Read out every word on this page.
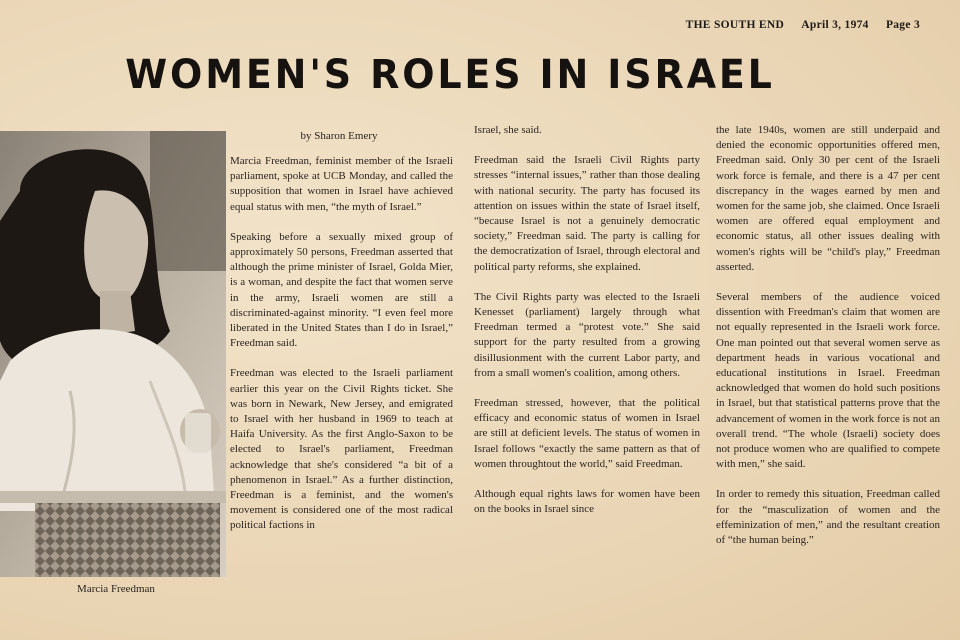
THE SOUTH END April 3, 1974 Page 3
WOMEN'S ROLES IN ISRAEL
Marcia Freedman
by Sharon Emery

Marcia Freedman, feminist member of the Israeli parliament, spoke at UCB Monday, and called the supposition that women in Israel have achieved equal status with men, “the myth of Israel.”

Speaking before a sexually mixed group of approximately 50 persons, Freedman asserted that although the prime minister of Israel, Golda Mier, is a woman, and despite the fact that women serve in the army, Israeli women are still a discriminated-against minority. “I even feel more liberated in the United States than I do in Israel,” Freedman said.

Freedman was elected to the Israeli parliament earlier this year on the Civil Rights ticket. She was born in Newark, New Jersey, and emigrated to Israel with her husband in 1969 to teach at Haifa University. As the first Anglo-Saxon to be elected to Israel's parliament, Freedman acknowledge that she's considered “a bit of a phenomenon in Israel.” As a further distinction, Freedman is a feminist, and the women's movement is considered one of the most radical political factions in

Israel, she said.

Freedman said the Israeli Civil Rights party stresses “internal issues,” rather than those dealing with national security. The party has focused its attention on issues within the state of Israel itself, “because Israel is not a genuinely democratic society,” Freedman said. The party is calling for the democratization of Israel, through electoral and political party reforms, she explained.

The Civil Rights party was elected to the Israeli Kenesset (parliament) largely through what Freedman termed a “protest vote.” She said support for the party resulted from a growing disillusionment with the current Labor party, and from a small women's coalition, among others.

Freedman stressed, however, that the political efficacy and economic status of women in Israel are still at deficient levels. The status of women in Israel follows “exactly the same pattern as that of women throughtout the world,” said Freedman.

Although equal rights laws for women have been on the books in Israel since

the late 1940s, women are still underpaid and denied the economic opportunities offered men, Freedman said. Only 30 per cent of the Israeli work force is female, and there is a 47 per cent discrepancy in the wages earned by men and women for the same job, she claimed. Once Israeli women are offered equal employment and economic status, all other issues dealing with women's rights will be “child's play,” Freedman asserted.

Several members of the audience voiced dissention with Freedman's claim that women are not equally represented in the Israeli work force. One man pointed out that several women serve as department heads in various vocational and educational institutions in Israel. Freedman acknowledged that women do hold such positions in Israel, but that statistical patterns prove that the advancement of women in the work force is not an overall trend. “The whole (Israeli) society does not produce women who are qualified to compete with men,” she said.

In order to remedy this situation, Freedman called for the “masculization of women and the effeminization of men,” and the resultant creation of “the human being.”
